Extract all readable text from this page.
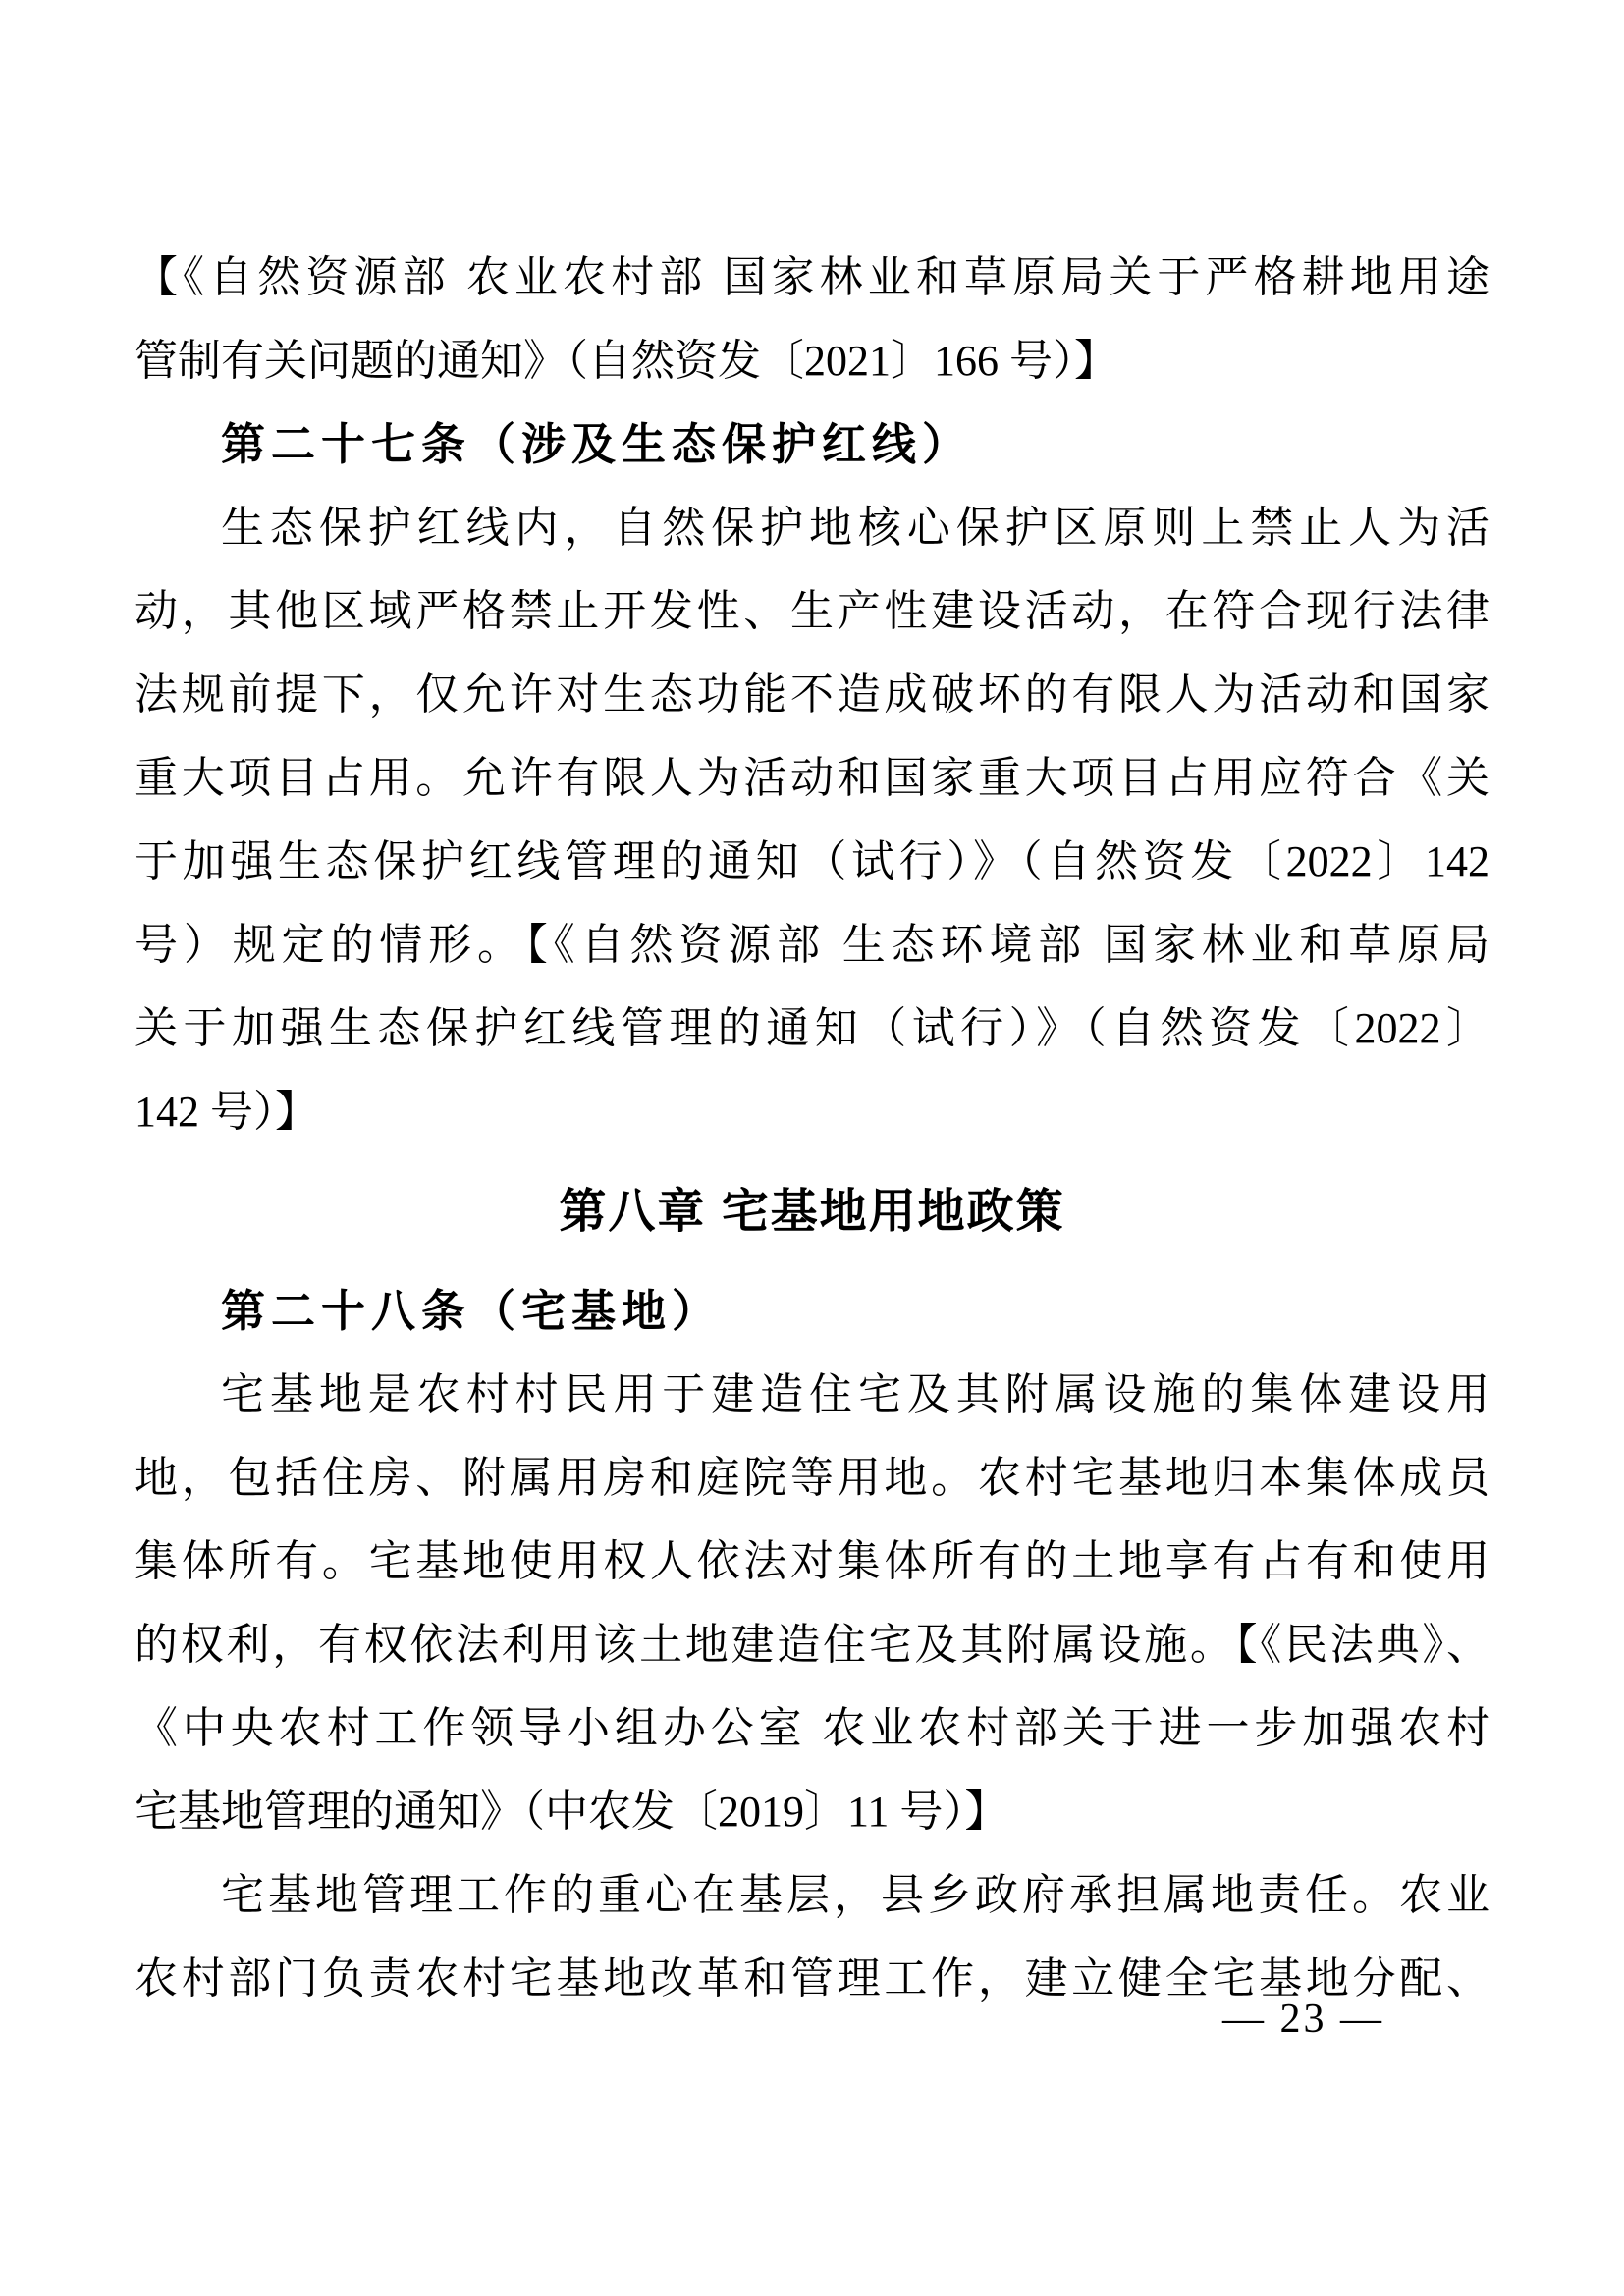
【《自然资源部 农业农村部 国家林业和草原局关于严格耕地用途
管制有关问题的通知》（自然资发〔2021〕166 号）】
第二十七条（涉及生态保护红线）
生态保护红线内，自然保护地核心保护区原则上禁止人为活
动，其他区域严格禁止开发性、生产性建设活动，在符合现行法律
法规前提下，仅允许对生态功能不造成破坏的有限人为活动和国家
重大项目占用。允许有限人为活动和国家重大项目占用应符合《关
于加强生态保护红线管理的通知（试行）》（自然资发〔2022〕142
号）规定的情形。【《自然资源部 生态环境部 国家林业和草原局
关于加强生态保护红线管理的通知（试行）》（自然资发〔2022〕
142 号）】
第八章 宅基地用地政策
第二十八条（宅基地）
宅基地是农村村民用于建造住宅及其附属设施的集体建设用
地，包括住房、附属用房和庭院等用地。农村宅基地归本集体成员
集体所有。宅基地使用权人依法对集体所有的土地享有占有和使用
的权利，有权依法利用该土地建造住宅及其附属设施。【《民法典》、
《中央农村工作领导小组办公室 农业农村部关于进一步加强农村
宅基地管理的通知》（中农发〔2019〕11 号）】
宅基地管理工作的重心在基层，县乡政府承担属地责任。农业
农村部门负责农村宅基地改革和管理工作，建立健全宅基地分配、
— 23 —
